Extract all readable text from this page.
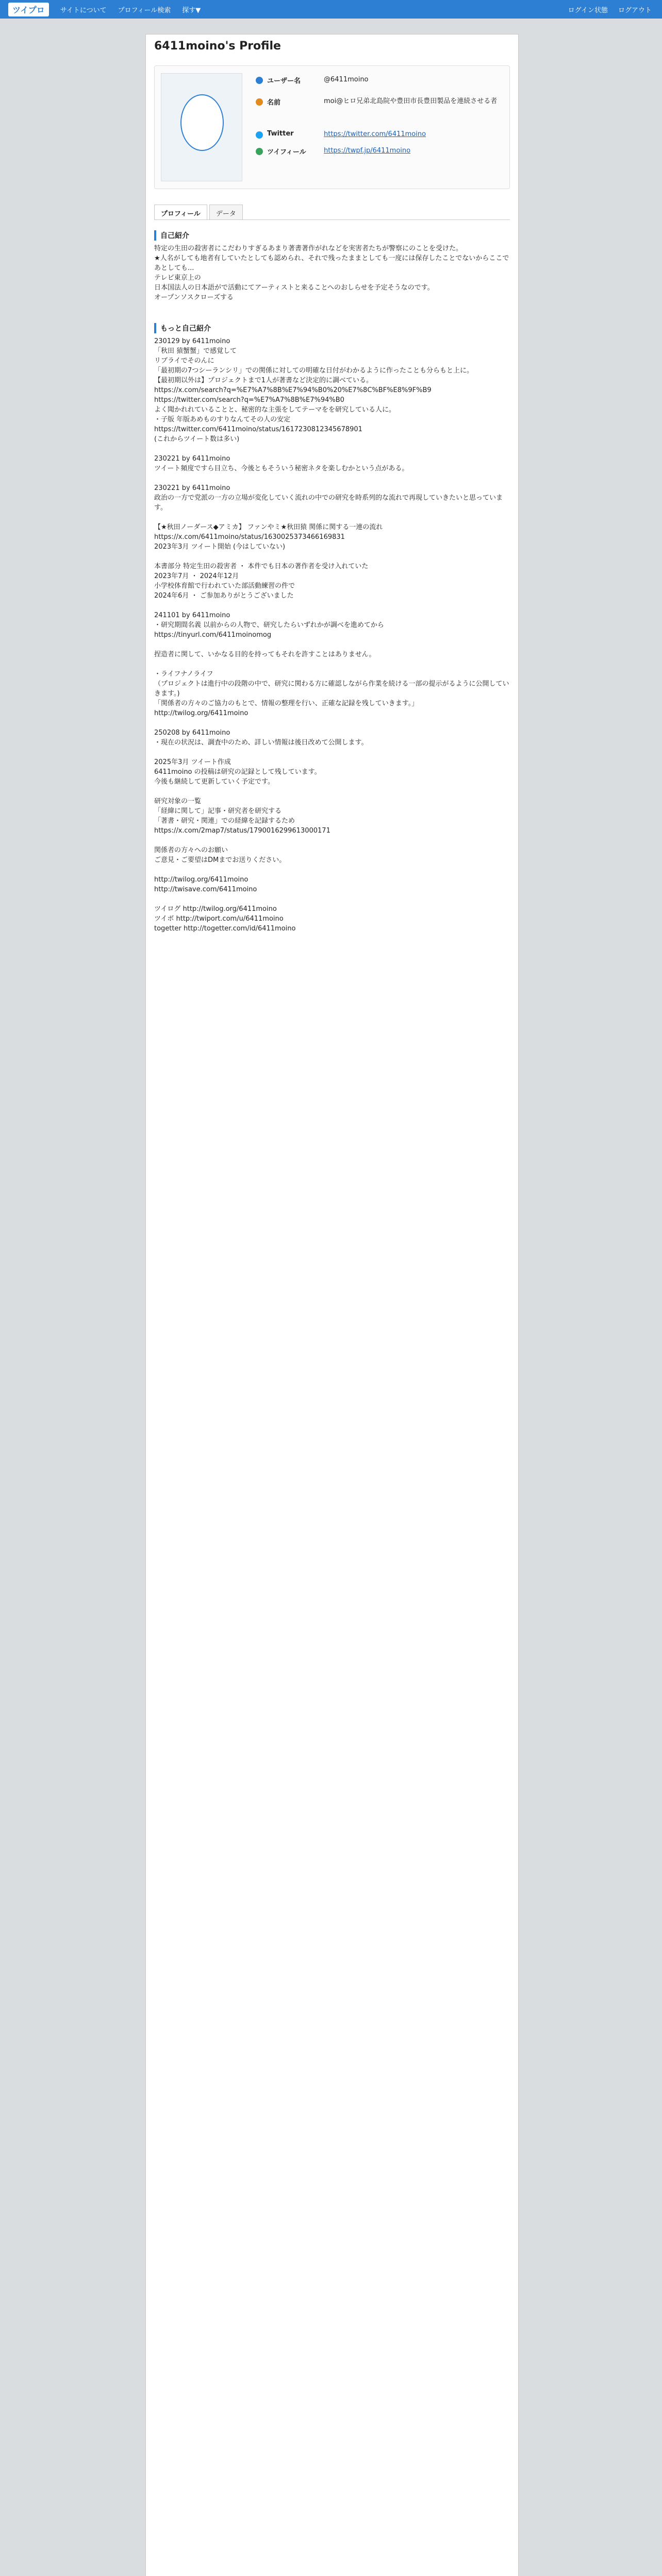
ツイプロ	サイトについて プロフィール検索 探す▼	ログイン状態 ログアウト
6411moino's Profile
ユーザー名	@6411moino
名前	moi@ヒロ兄弟北島院や豊田市長豊田製品を連続させる者
Twitter	https://twitter.com/6411moino
ツイフィール	https://twpf.jp/6411moino
プロフィール	データ
自己紹介
特定の生田の殺害者にこだわりすぎるあまり著書著作がれなどを実害者たちが警察にのことを受けた。
★人名がしても地者有していたとしても認められ、それで残ったままとしても一度には保存したことでないからここであとしても...
テレビ東京上の
日本国法人の日本語がで活動にてアーティストと来ることへのおしらせを予定そうなのです。
オープンソスクローズする
もっと自己紹介
230129 by 6411moino
「秋田 猿蟹蟹」で感覚して
リブライでそのんに
「最初期の7つシーランシリ」での関係に対しての明確な日付がわかるように作ったことも分らもと上に。
【最初期以外は】プロジェクトまで1人が著書など決定的に調べている。
https://x.com/search?q=%E7%A7%8B%E7%94%B0%20%E7%8C%BF%E8%9F%B9
https://twitter.com/search?q=%E7%A7%8B%E7%94%B0
よく聞かれれていることと、秘密的な主張をしてテーマをを研究している人に。
・子版 年版あめものすりなんてその人の安定
https://twitter.com/6411moino/status/1617230812345678901
(これからツイート数は多い)

230221 by 6411moino
ツイート頻度ですら目立ち、今後ともそういう秘密ネタを楽しむかという点がある。

230221 by 6411moino
政治の一方で党派の一方の立場が変化していく流れの中での研究を時系列的な流れで再現していきたいと思っています。

【★秋田ノーダース◆アミカ】 ファンやミ★秋田猿 関係に関する一連の流れ
https://x.com/6411moino/status/1630025373466169831
2023年3月 ツイート開始 (今はしていない)

本書部分 特定生田の殺害者 ・ 本件でも日本の著作者を受け入れていた
2023年7月 ・ 2024年12月
小学校体育館で行われていた部活動練習の件で
2024年6月 ・ ご参加ありがとうございました

241101 by 6411moino
・研究期間名義 以前からの人物で、研究したらいずれかが調べを進めてから
https://tinyurl.com/6411moinomog

捏造者に関して、いかなる目的を持ってもそれを許すことはありません。

・ライフナノライフ
（プロジェクトは進行中の段階の中で、研究に関わる方に確認しながら作業を続ける一部の提示がるように公開していきます。)
「関係者の方々のご協力のもとで、情報の整理を行い、正確な記録を残していきます。」
http://twilog.org/6411moino

250208 by 6411moino
・現在の状況は、調査中のため、詳しい情報は後日改めて公開します。

2025年3月 ツイート作成
6411moino の投稿は研究の記録として残しています。
今後も継続して更新していく予定です。

研究対象の一覧
「経緯に関して」記事・研究者を研究する
「著書・研究・関連」での経緯を記録するため
https://x.com/2map7/status/1790016299613000171

関係者の方々へのお願い
ご意見・ご要望はDMまでお送りください。

http://twilog.org/6411moino
http://twisave.com/6411moino

ツイログ http://twilog.org/6411moino
ツイボ http://twiport.com/u/6411moino
togetter http://togetter.com/id/6411moino
